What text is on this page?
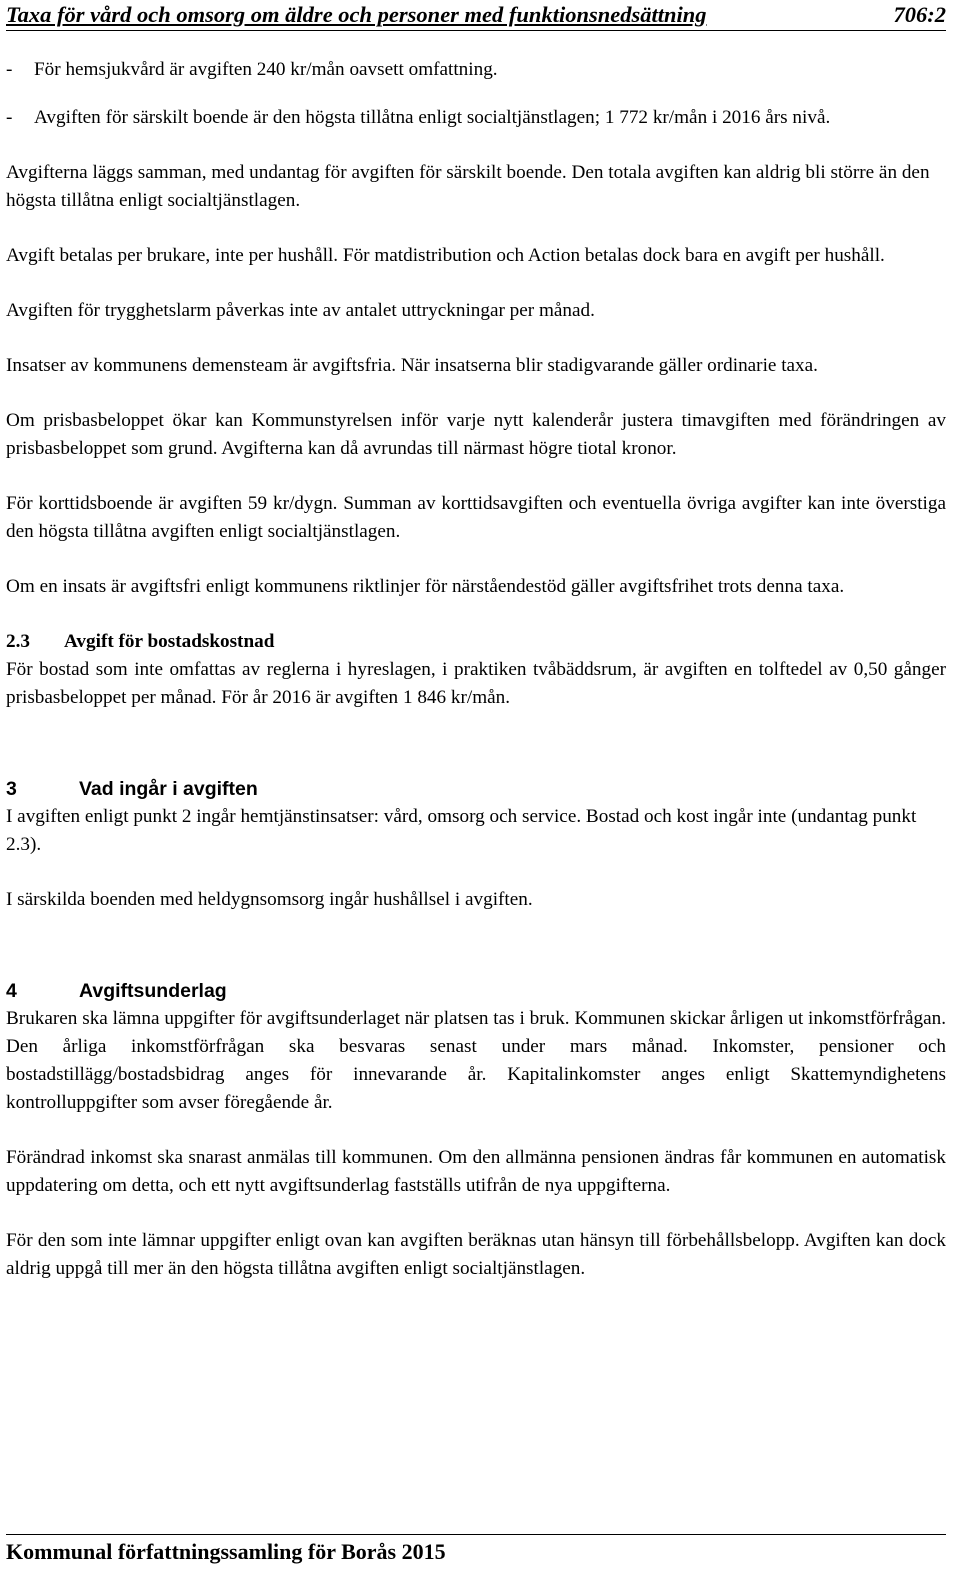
Taxa för vård och omsorg om äldre och personer med funktionsnedsättning	706:2

- För hemsjukvård är avgiften 240 kr/mån oavsett omfattning.

- Avgiften för särskilt boende är den högsta tillåtna enligt socialtjänstlagen; 1 772 kr/mån i 2016 års nivå.

Avgifterna läggs samman, med undantag för avgiften för särskilt boende. Den totala avgiften kan aldrig bli större än den högsta tillåtna enligt socialtjänstlagen.

Avgift betalas per brukare, inte per hushåll. För matdistribution och Action betalas dock bara en avgift per hushåll.

Avgiften för trygghetslarm påverkas inte av antalet uttryckningar per månad.

Insatser av kommunens demensteam är avgiftsfria. När insatserna blir stadigvarande gäller ordinarie taxa.

Om prisbasbeloppet ökar kan Kommunstyrelsen inför varje nytt kalenderår justera timavgiften med förändringen av prisbasbeloppet som grund. Avgifterna kan då avrundas till närmast högre tiotal kronor.

För korttidsboende är avgiften 59 kr/dygn. Summan av korttidsavgiften och eventuella övriga avgifter kan inte överstiga den högsta tillåtna avgiften enligt socialtjänstlagen.

Om en insats är avgiftsfri enligt kommunens riktlinjer för närståendestöd gäller avgiftsfrihet trots denna taxa.

2.3 Avgift för bostadskostnad

För bostad som inte omfattas av reglerna i hyreslagen, i praktiken tvåbäddsrum, är avgiften en tolftedel av 0,50 gånger prisbasbeloppet per månad. För år 2016 är avgiften 1 846 kr/mån.

3	Vad ingår i avgiften

I avgiften enligt punkt 2 ingår hemtjänstinsatser: vård, omsorg och service. Bostad och kost ingår inte (undantag punkt 2.3).

I särskilda boenden med heldygnsomsorg ingår hushållsel i avgiften.

4	Avgiftsunderlag

Brukaren ska lämna uppgifter för avgiftsunderlaget när platsen tas i bruk. Kommunen skickar årligen ut inkomstförfrågan. Den årliga inkomstförfrågan ska besvaras senast under mars månad. Inkomster, pensioner och bostadstillägg/bostadsbidrag anges för innevarande år. Kapitalinkomster anges enligt Skattemyndighetens kontrolluppgifter som avser föregående år.

Förändrad inkomst ska snarast anmälas till kommunen. Om den allmänna pensionen ändras får kommunen en automatisk uppdatering om detta, och ett nytt avgiftsunderlag fastställs utifrån de nya uppgifterna.

För den som inte lämnar uppgifter enligt ovan kan avgiften beräknas utan hänsyn till förbehållsbelopp. Avgiften kan dock aldrig uppgå till mer än den högsta tillåtna avgiften enligt socialtjänstlagen.

Kommunal författningssamling för Borås 2015
